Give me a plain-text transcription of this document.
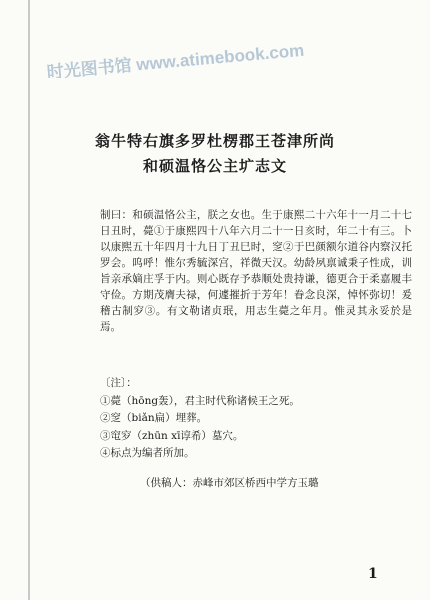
时光图书馆 www.atimebook.com
翁牛特右旗多罗杜楞郡王苍津所尚
和硕温恪公主圹志文

制曰：和硕温恪公主，朕之女也。生于康熙二十六年十一月二十七日丑时，薨①于康熙四十八年六月二十一日亥时，年二十有三。卜以康熙五十年四月十九日丁丑巳时，窆②于巴颜额尔道谷内察汉托罗会。呜呼！惟尔秀毓深宫，祥微天汉。幼龄夙禀诚秉子性成，训旨亲承嫡庄孚于内。则心既存予恭顺处贵持谦，德更合于柔嘉履丰守俭。方期茂膺夫禄，何遽摧折于芳年！眷念良深，悼怀弥切！爰稽古制穸③。有文勒诸贞珉，用志生薨之年月。惟灵其永妥於是焉。

〔注〕：
①薨（hōng轰），君主时代称诸候王之死。
②窆（biǎn扁）埋葬。
③窀穸（zhūn xī谆希）墓穴。
④标点为编者所加。
（供稿人：赤峰市郊区桥西中学方玉璐
1
